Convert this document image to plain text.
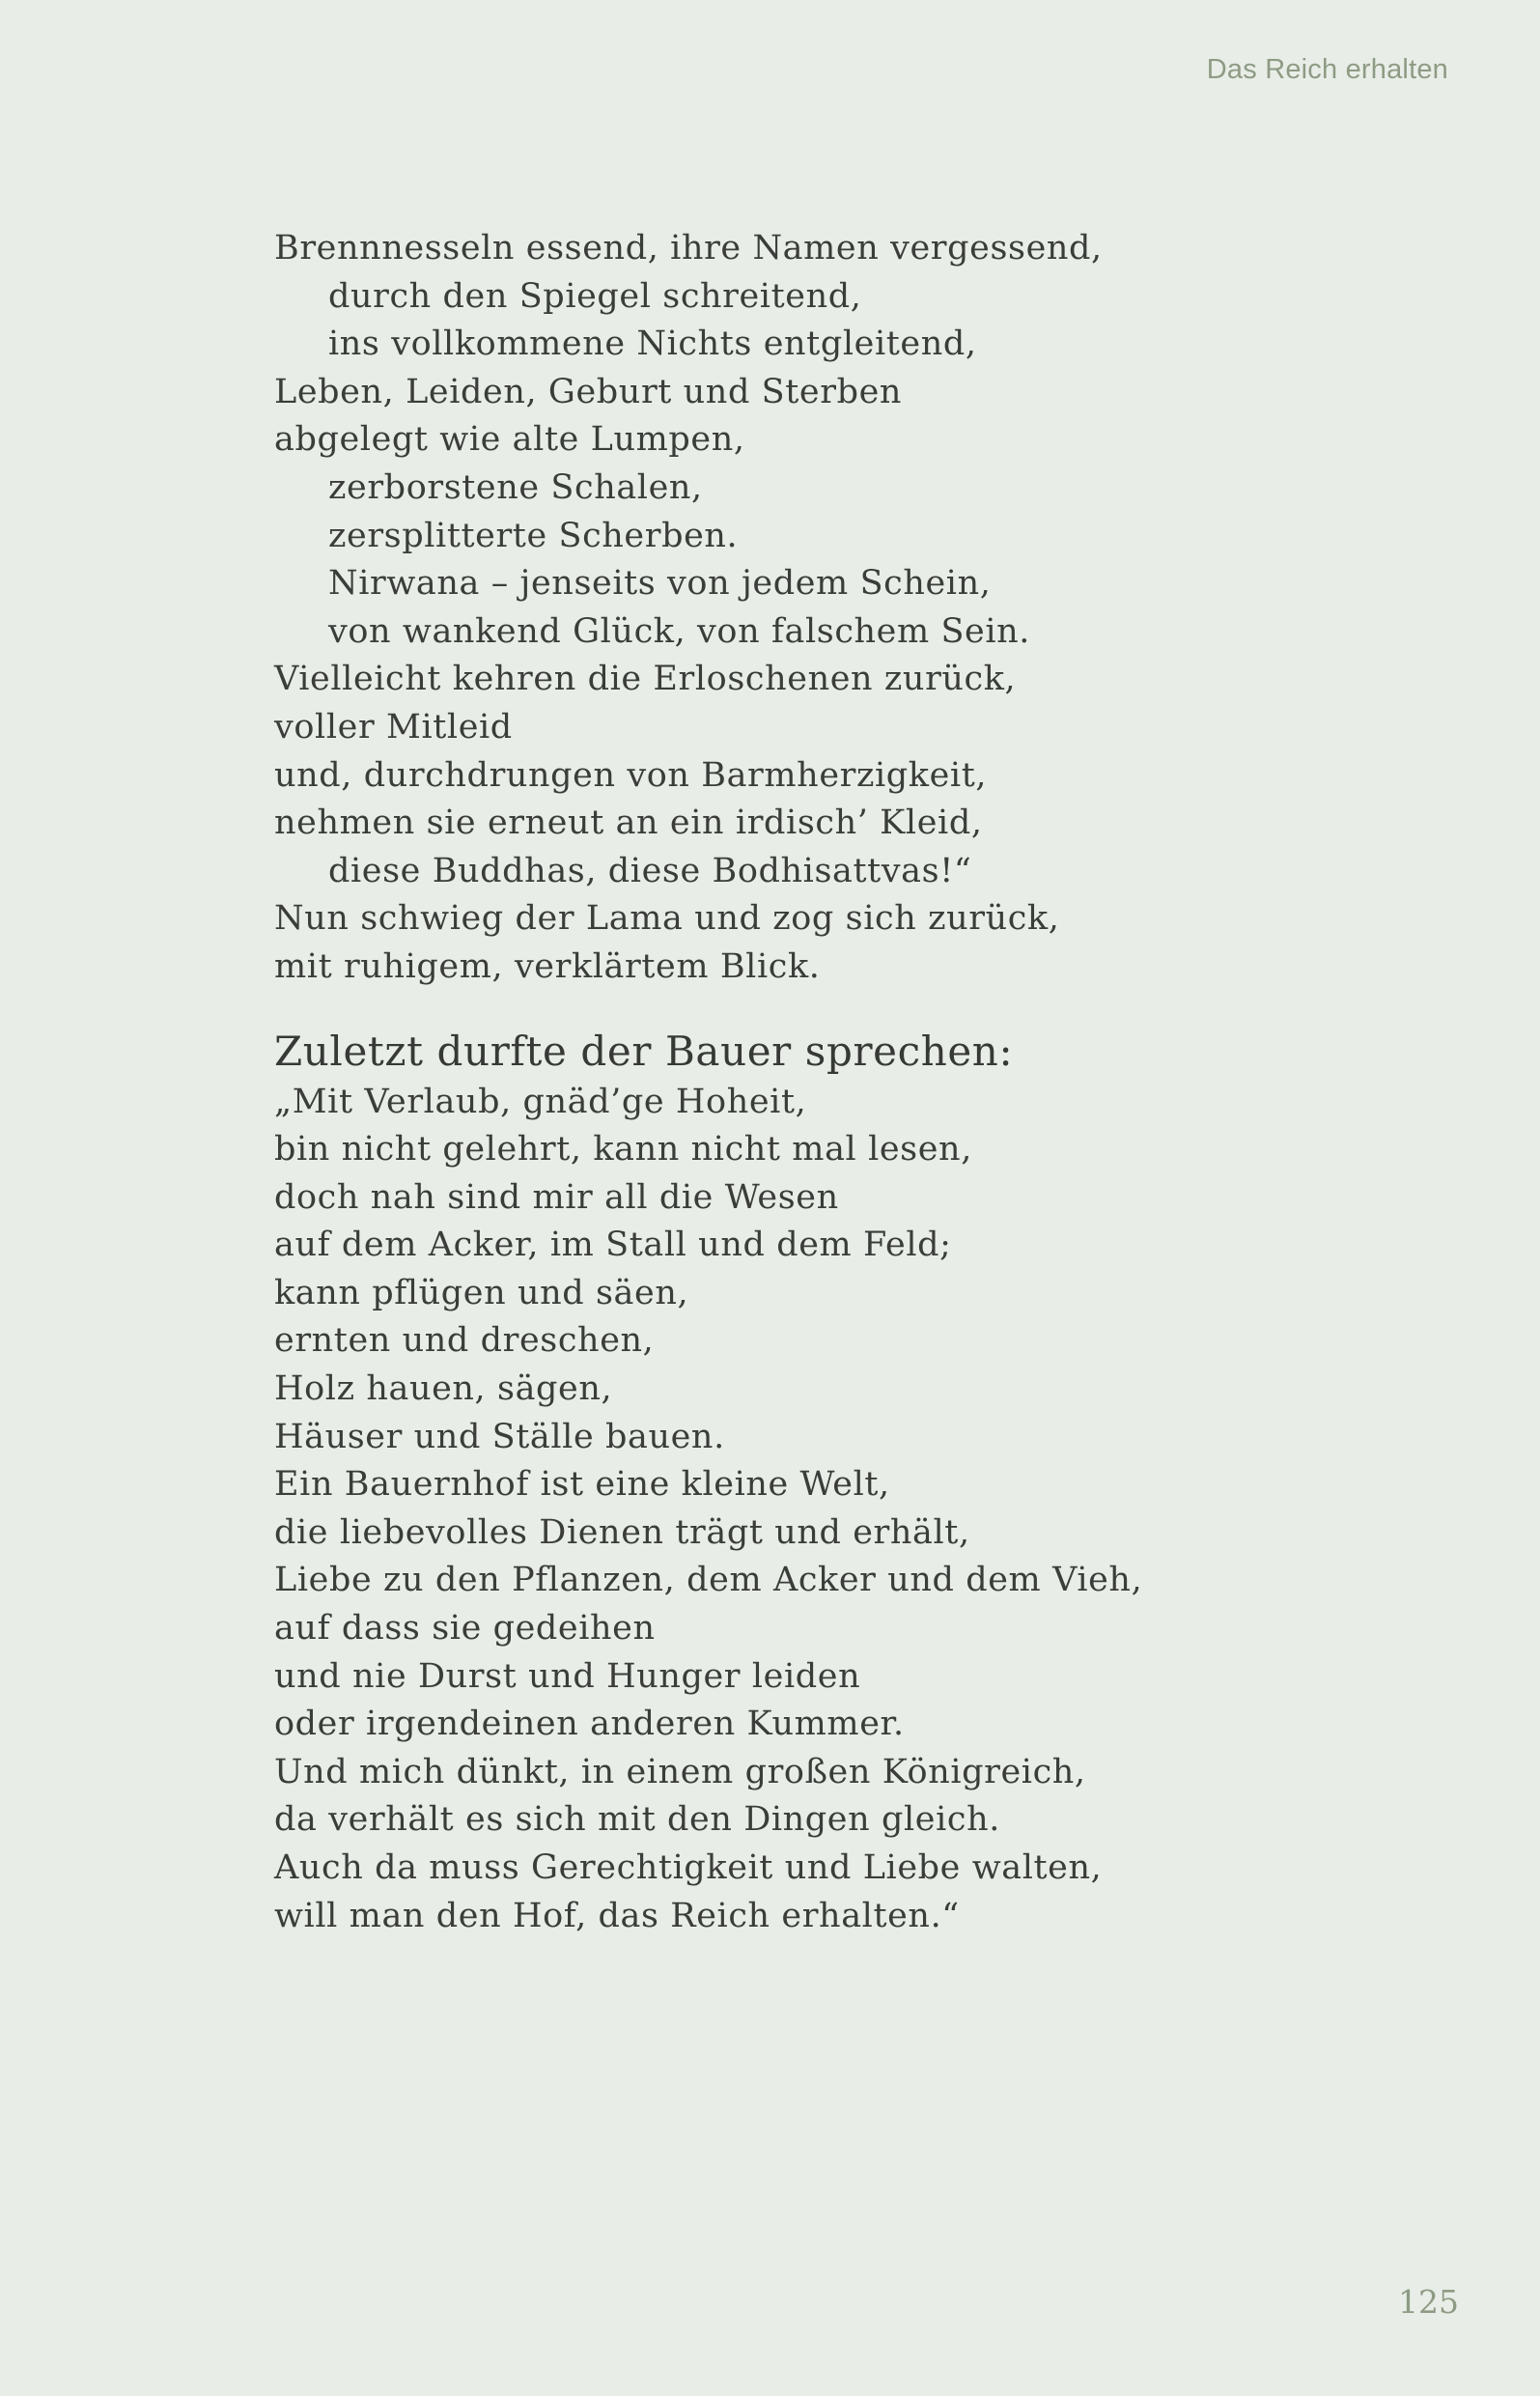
Das Reich erhalten
Brennnesseln essend, ihre Namen vergessend,
durch den Spiegel schreitend,
ins vollkommene Nichts entgleitend,
Leben, Leiden, Geburt und Sterben
abgelegt wie alte Lumpen,
zerborstene Schalen,
zersplitterte Scherben.
Nirwana – jenseits von jedem Schein,
von wankend Glück, von falschem Sein.
Vielleicht kehren die Erloschenen zurück,
voller Mitleid
und, durchdrungen von Barmherzigkeit,
nehmen sie erneut an ein irdisch’ Kleid,
diese Buddhas, diese Bodhisattvas!“
Nun schwieg der Lama und zog sich zurück,
mit ruhigem, verklärtem Blick.
Zuletzt durfte der Bauer sprechen:
„Mit Verlaub, gnäd’ge Hoheit,
bin nicht gelehrt, kann nicht mal lesen,
doch nah sind mir all die Wesen
auf dem Acker, im Stall und dem Feld;
kann pflügen und säen,
ernten und dreschen,
Holz hauen, sägen,
Häuser und Ställe bauen.
Ein Bauernhof ist eine kleine Welt,
die liebevolles Dienen trägt und erhält,
Liebe zu den Pflanzen, dem Acker und dem Vieh,
auf dass sie gedeihen
und nie Durst und Hunger leiden
oder irgendeinen anderen Kummer.
Und mich dünkt, in einem großen Königreich,
da verhält es sich mit den Dingen gleich.
Auch da muss Gerechtigkeit und Liebe walten,
will man den Hof, das Reich erhalten.“
125
